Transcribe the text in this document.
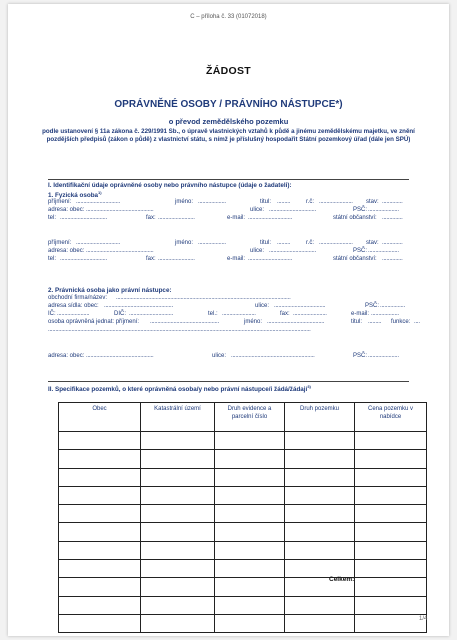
C – příloha č. 33 (01072018)
ŽÁDOST
OPRÁVNĚNÉ OSOBY / PRÁVNÍHO NÁSTUPCE*)
o převod zemědělského pozemku
podle ustanovení § 11a zákona č. 229/1991 Sb., o úpravě vlastnických vztahů k půdě a jinému zemědělskému majetku, ve znění pozdějších předpisů (zákon o půdě) z vlastnictví státu, s nímž je příslušný hospodařit Státní pozemkový úřad (dále jen SPÚ)
I. Identifikační údaje oprávněné osoby nebo právního nástupce (údaje o žadateli):
1. Fyzická osoba$^{1)}$
příjmení: ..............................	jméno: ...................	titul: .........	r.č: ....................... stav: ..............
adresa: obec: ..............................................	ulice: ................................	PSČ: .....................
tel: ................................	fax: .........................	e-mail: ..............................	státní občanství: ..............
příjmení: ..............................	jméno: ...................	titul: .........	r.č: ....................... stav: ..............
adresa: obec: ..............................................	ulice: ................................	PSČ: .....................
tel: ................................	fax: .........................	e-mail: ..............................	státní občanství: ..............
2. Právnická osoba jako právní nástupce:
obchodní firma/název: .......................................................................................................................
adresa sídla: obec: ...............................................	ulice: ...................................	PSČ: .................
IČ: ......................	DIČ: ..............................	tel.: .......................	fax: .......................	e-mail: ...................
osoba oprávněná jednat: příjmení: ...............................................	jméno: .......................................	titul: ......... funkce: ....
...................................................................................................................................................................................
adresa: obec: ..............................................	ulice: .........................................................	PSČ: .....................
II. Specifikace pozemků, o které oprávněná osoba/y nebo právní nástupce/i žádá/žádají$^{3)}$
Obec	Katastrální území	Druh evidence a parcelní číslo	Druh pozemku	Cena pozemku v nabídce

Celkem:
1/4
